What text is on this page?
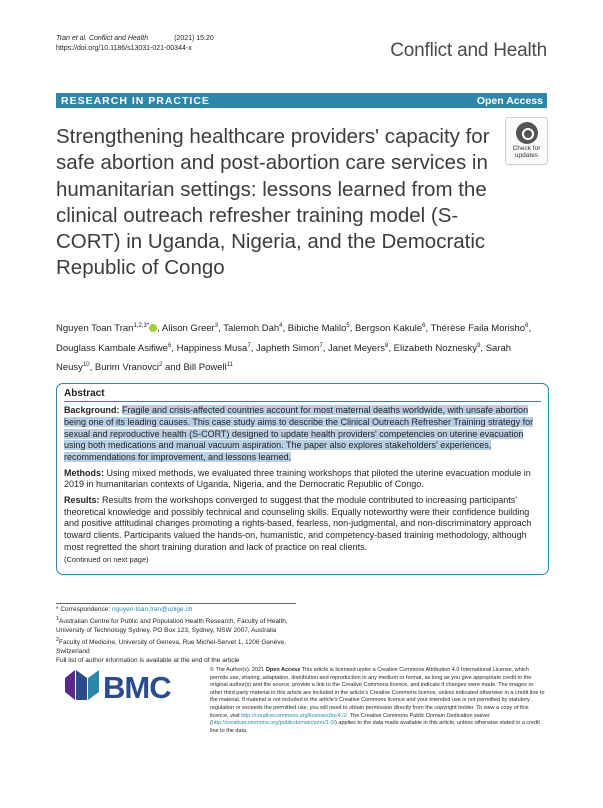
Tran et al. Conflict and Health	(2021) 15:20
https://doi.org/10.1186/s13031-021-00344-x	Conflict and Health
RESEARCH IN PRACTICE	Open Access
Strengthening healthcare providers' capacity for safe abortion and post-abortion care services in humanitarian settings: lessons learned from the clinical outreach refresher training model (S-CORT) in Uganda, Nigeria, and the Democratic Republic of Congo
Check for
updates
Nguyen Toan Tran$^{1,2,3*}$ , Alison Greer$^3$, Talemoh Dah$^4$, Bibiche Malilo$^5$, Bergson Kakule$^6$, Thérèse Faila Morisho$^6$, Douglass Kambale Asifiwe$^6$, Happiness Musa$^7$, Japheth Simon$^7$, Janet Meyers$^8$, Elizabeth Noznesky$^9$, Sarah Neusy$^{10}$, Burim Vranovci$^2$ and Bill Powell$^{11}$
Abstract

Background: Fragile and crisis-affected countries account for most maternal deaths worldwide, with unsafe abortion being one of its leading causes. This case study aims to describe the Clinical Outreach Refresher Training strategy for sexual and reproductive health (S-CORT) designed to update health providers' competencies on uterine evacuation using both medications and manual vacuum aspiration. The paper also explores stakeholders' experiences, recommendations for improvement, and lessons learned.

Methods: Using mixed methods, we evaluated three training workshops that piloted the uterine evacuation module in 2019 in humanitarian contexts of Uganda, Nigeria, and the Democratic Republic of Congo.

Results: Results from the workshops converged to suggest that the module contributed to increasing participants' theoretical knowledge and possibly technical and counseling skills. Equally noteworthy were their confidence building and positive attitudinal changes promoting a rights-based, fearless, non-judgmental, and non-discriminatory approach toward clients. Participants valued the hands-on, humanistic, and competency-based training methodology, although most regretted the short training duration and lack of practice on real clients.
(Continued on next page)

* Correspondence: nguyen-toan.tran@unige.ch

$^1$Australian Centre for Public and Population Health Research, Faculty of Health, University of Technology Sydney, PO Box 123, Sydney, NSW 2007, Australia

$^2$Faculty of Medicine, University of Geneva, Rue Michel-Servet 1, 1206 Genève, Switzerland

Full list of author information is available at the end of the article

BMC	© The Author(s). 2021 Open Access This article is licensed under a Creative Commons Attribution 4.0 International License, which permits use, sharing, adaptation, distribution and reproduction in any medium or format, as long as you give appropriate credit to the original author(s) and the source, provide a link to the Creative Commons licence, and indicate if changes were made. The images or other third party material in this article are included in the article's Creative Commons licence, unless indicated otherwise in a credit line to the material. If material is not included in the article's Creative Commons licence and your intended use is not permitted by statutory regulation or exceeds the permitted use, you will need to obtain permission directly from the copyright holder. To view a copy of this licence, visit http://creativecommons.org/licenses/by/4.0/. The Creative Commons Public Domain Dedication waiver (http://creativecommons.org/publicdomain/zero/1.0/) applies to the data made available in this article, unless otherwise stated in a credit line to the data.
